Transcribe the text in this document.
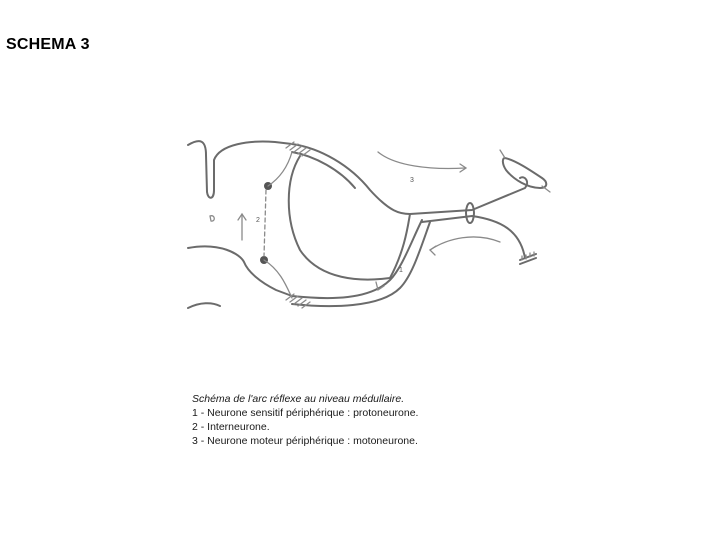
SCHEMA 3
2
3
1
Schéma de l'arc réflexe au niveau médullaire.
1 - Neurone sensitif périphérique : protoneurone.
2 - Interneurone.
3 - Neurone moteur périphérique : motoneurone.
